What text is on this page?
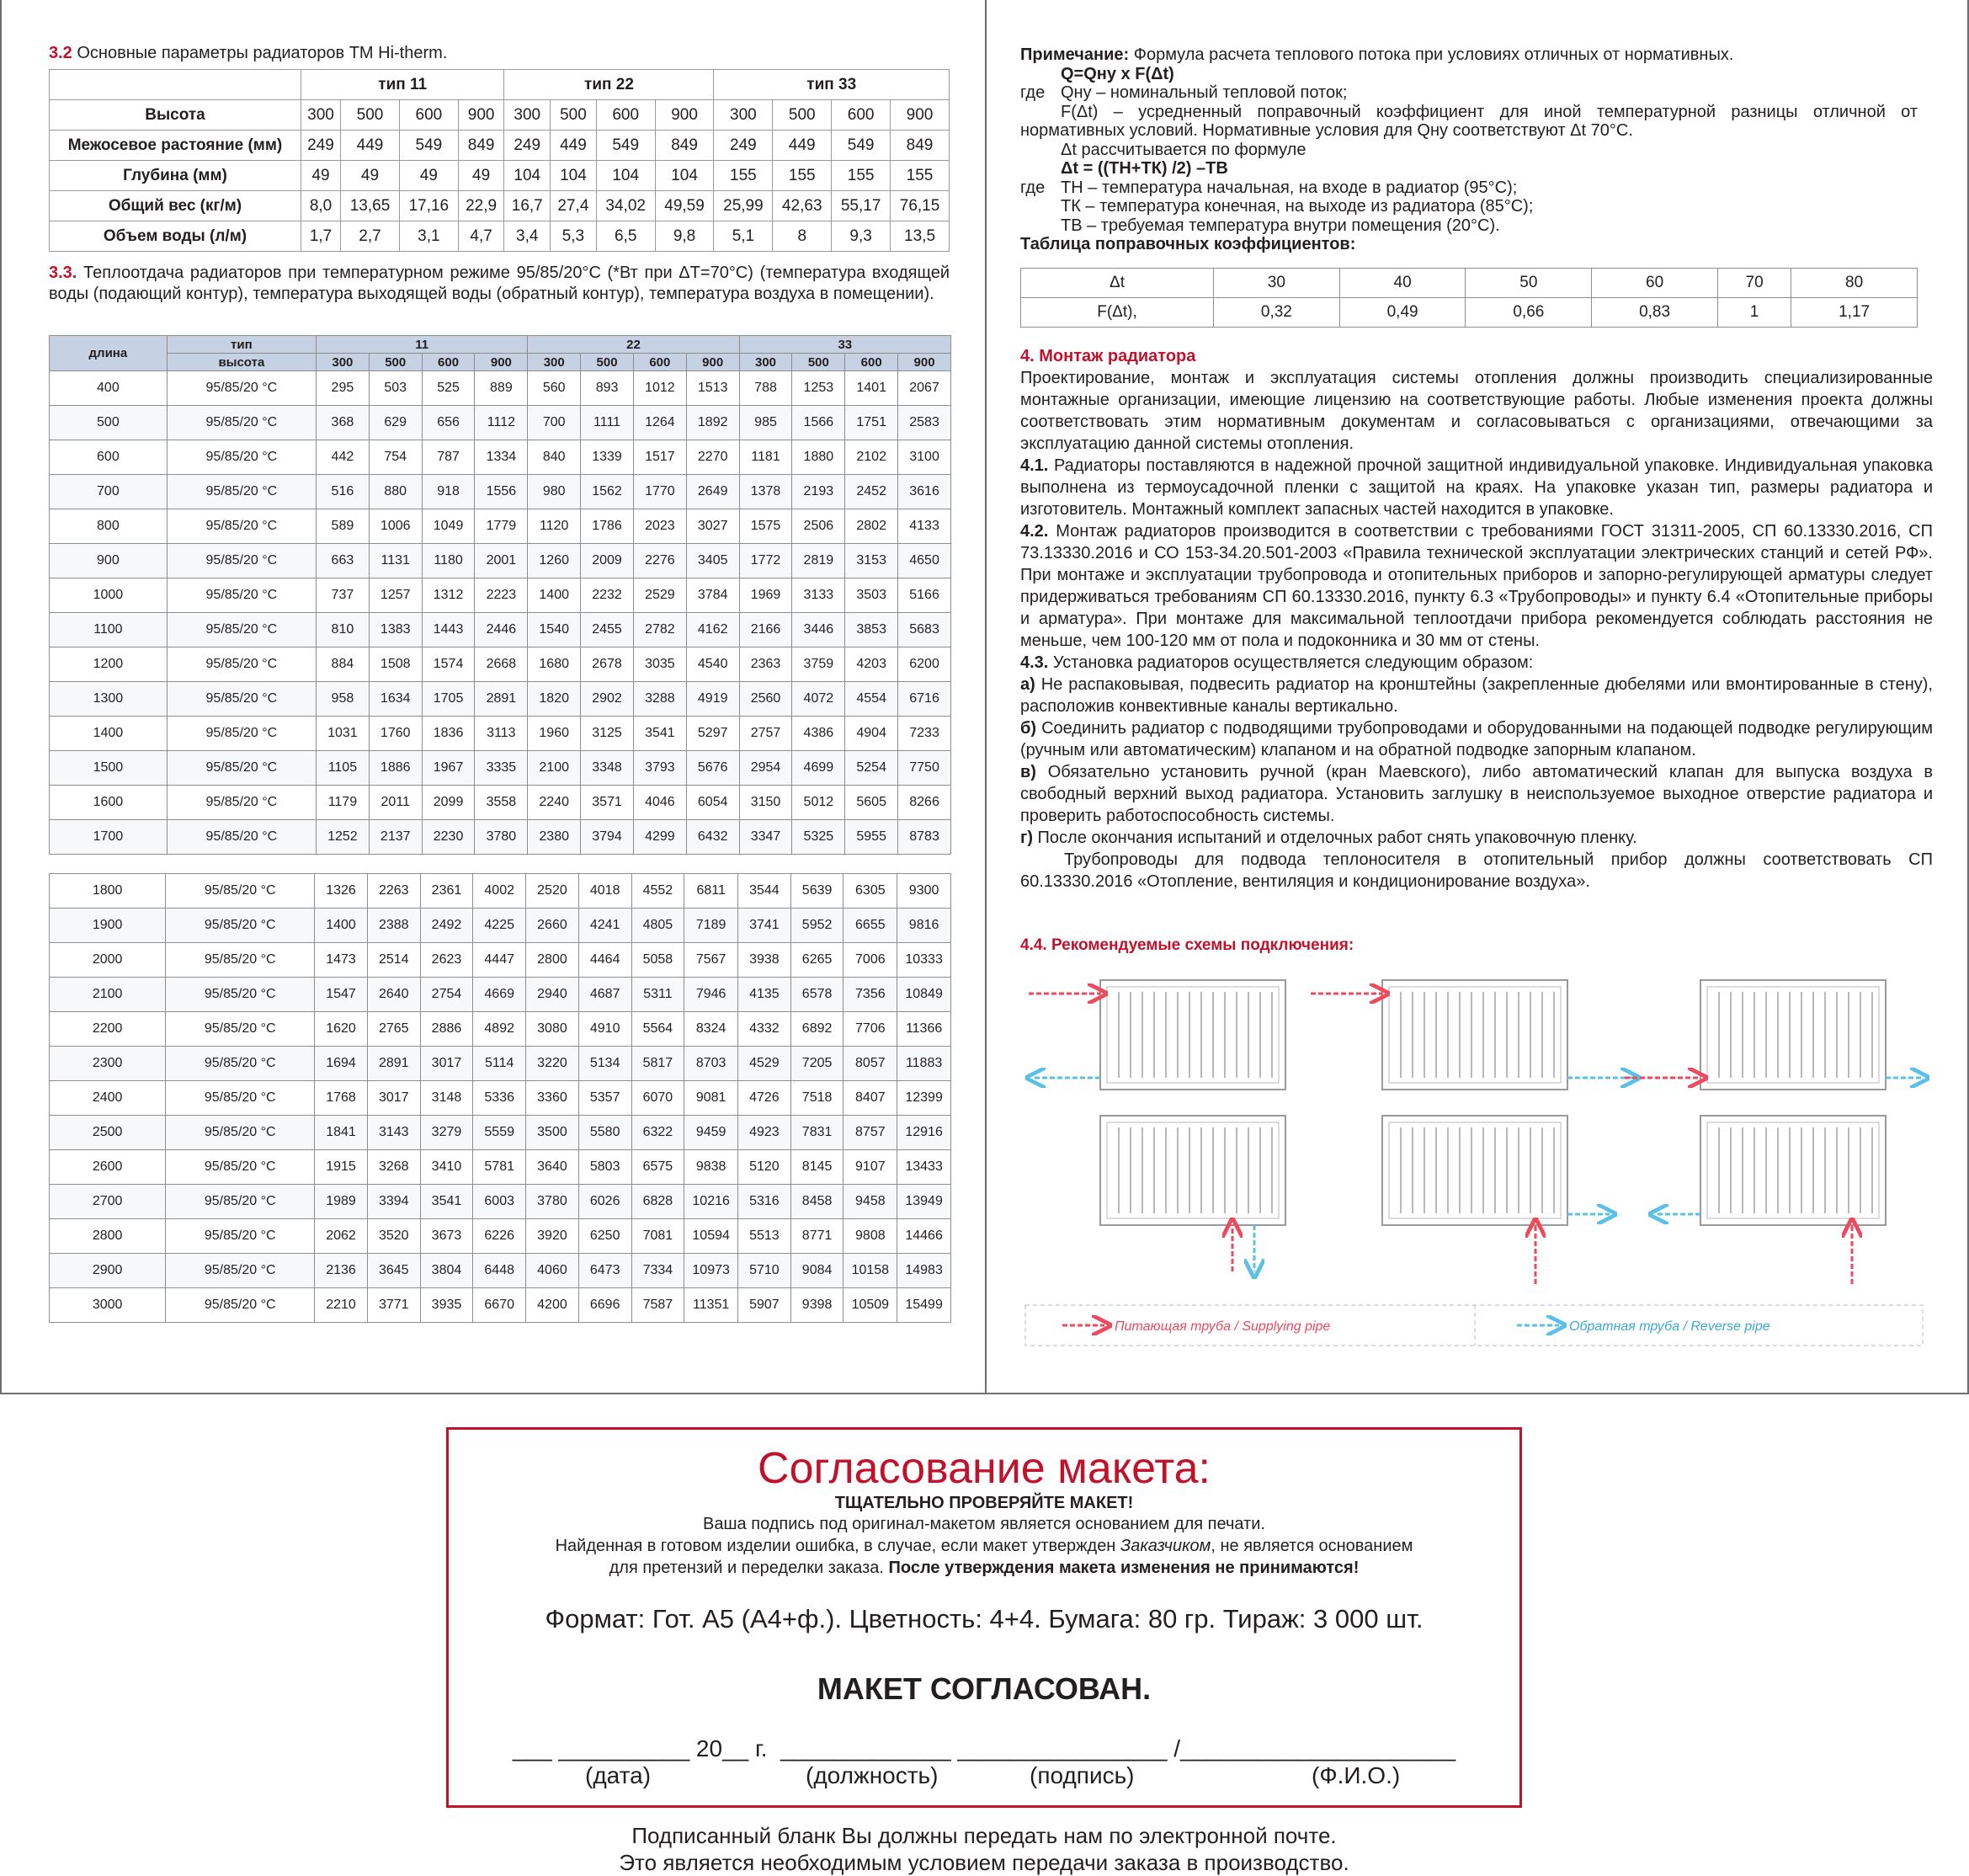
3.2 Основные параметры радиаторов ТМ Hi-therm.
	тип 11				тип 22				тип 33			
Высота	300	500	600	900	300	500	600	900	300	500	600	900
Межосевое растояние (мм)	249	449	549	849	249	449	549	849	249	449	549	849
Глубина (мм)	49	49	49	49	104	104	104	104	155	155	155	155
Общий вес (кг/м)	8,0	13,65	17,16	22,9	16,7	27,4	34,02	49,59	25,99	42,63	55,17	76,15
Объем воды (л/м)	1,7	2,7	3,1	4,7	3,4	5,3	6,5	9,8	5,1	8	9,3	13,5
3.3. Теплоотдача радиаторов при температурном режиме 95/85/20°С (*Вт при ΔT=70°C) (температура входящей воды (подающий контур), температура выходящей воды (обратный контур), температура воздуха в помещении).
длина	тип	11				22				33			
	высота	300	500	600	900	300	500	600	900	300	500	600	900
400	95/85/20 °С	295	503	525	889	560	893	1012	1513	788	1253	1401	2067
500	95/85/20 °С	368	629	656	1112	700	1111	1264	1892	985	1566	1751	2583
600	95/85/20 °С	442	754	787	1334	840	1339	1517	2270	1181	1880	2102	3100
700	95/85/20 °С	516	880	918	1556	980	1562	1770	2649	1378	2193	2452	3616
800	95/85/20 °С	589	1006	1049	1779	1120	1786	2023	3027	1575	2506	2802	4133
900	95/85/20 °С	663	1131	1180	2001	1260	2009	2276	3405	1772	2819	3153	4650
1000	95/85/20 °С	737	1257	1312	2223	1400	2232	2529	3784	1969	3133	3503	5166
1100	95/85/20 °С	810	1383	1443	2446	1540	2455	2782	4162	2166	3446	3853	5683
1200	95/85/20 °С	884	1508	1574	2668	1680	2678	3035	4540	2363	3759	4203	6200
1300	95/85/20 °С	958	1634	1705	2891	1820	2902	3288	4919	2560	4072	4554	6716
1400	95/85/20 °С	1031	1760	1836	3113	1960	3125	3541	5297	2757	4386	4904	7233
1500	95/85/20 °С	1105	1886	1967	3335	2100	3348	3793	5676	2954	4699	5254	7750
1600	95/85/20 °С	1179	2011	2099	3558	2240	3571	4046	6054	3150	5012	5605	8266
1700	95/85/20 °С	1252	2137	2230	3780	2380	3794	4299	6432	3347	5325	5955	8783
1800	95/85/20 °С	1326	2263	2361	4002	2520	4018	4552	6811	3544	5639	6305	9300
1900	95/85/20 °С	1400	2388	2492	4225	2660	4241	4805	7189	3741	5952	6655	9816
2000	95/85/20 °С	1473	2514	2623	4447	2800	4464	5058	7567	3938	6265	7006	10333
2100	95/85/20 °С	1547	2640	2754	4669	2940	4687	5311	7946	4135	6578	7356	10849
2200	95/85/20 °С	1620	2765	2886	4892	3080	4910	5564	8324	4332	6892	7706	11366
2300	95/85/20 °С	1694	2891	3017	5114	3220	5134	5817	8703	4529	7205	8057	11883
2400	95/85/20 °С	1768	3017	3148	5336	3360	5357	6070	9081	4726	7518	8407	12399
2500	95/85/20 °С	1841	3143	3279	5559	3500	5580	6322	9459	4923	7831	8757	12916
2600	95/85/20 °С	1915	3268	3410	5781	3640	5803	6575	9838	5120	8145	9107	13433
2700	95/85/20 °С	1989	3394	3541	6003	3780	6026	6828	10216	5316	8458	9458	13949
2800	95/85/20 °С	2062	3520	3673	6226	3920	6250	7081	10594	5513	8771	9808	14466
2900	95/85/20 °С	2136	3645	3804	6448	4060	6473	7334	10973	5710	9084	10158	14983
3000	95/85/20 °С	2210	3771	3935	6670	4200	6696	7587	11351	5907	9398	10509	15499
Примечание: Формула расчета теплового потока при условиях отличных от нормативных.
Q=Qну x F(Δt)
где Qну – номинальный тепловой поток;
F(Δt) – усредненный поправочный коэффициент для иной температурной разницы отличной от нормативных условий. Нормативные условия для Qну соответствуют Δt 70°С.
Δt рассчитывается по формуле
Δt = ((ТН+ТК) /2) –ТВ
где ТН – температура начальная, на входе в радиатор (95°С);
ТК – температура конечная, на выходе из радиатора (85°С);
ТВ – требуемая температура внутри помещения (20°С).
Таблица поправочных коэффициентов:
Δt	30	40	50	60	70	80
F(Δt),	0,32	0,49	0,66	0,83	1	1,17
4. Монтаж радиатора
Проектирование, монтаж и эксплуатация системы отопления должны производить специализированные монтажные организации, имеющие лицензию на соответствующие работы. Любые изменения проекта должны соответствовать этим нормативным документам и согласовываться с организациями, отвечающими за эксплуатацию данной системы отопления.
4.1. Радиаторы поставляются в надежной прочной защитной индивидуальной упаковке. Индивидуальная упаковка выполнена из термоусадочной пленки с защитой на краях. На упаковке указан тип, размеры радиатора и изготовитель. Монтажный комплект запасных частей находится в упаковке.
4.2. Монтаж радиаторов производится в соответствии с требованиями ГОСТ 31311-2005, СП 60.13330.2016, СП 73.13330.2016 и СО 153-34.20.501-2003 «Правила технической эксплуатации электрических станций и сетей РФ». При монтаже и эксплуатации трубопровода и отопительных приборов и запорно-регулирующей арматуры следует придерживаться требованиям СП 60.13330.2016, пункту 6.3 «Трубопроводы» и пункту 6.4 «Отопительные приборы и арматура». При монтаже для максимальной теплоотдачи прибора рекомендуется соблюдать расстояния не меньше, чем 100-120 мм от пола и подоконника и 30 мм от стены.
4.3. Установка радиаторов осуществляется следующим образом:
а) Не распаковывая, подвесить радиатор на кронштейны (закрепленные дюбелями или вмонтированные в стену), расположив конвективные каналы вертикально.
б) Соединить радиатор с подводящими трубопроводами и оборудованными на подающей подводке регулирующим (ручным или автоматическим) клапаном и на обратной подводке запорным клапаном.
в) Обязательно установить ручной (кран Маевского), либо автоматический клапан для выпуска воздуха в свободный верхний выход радиатора. Установить заглушку в неиспользуемое выходное отверстие радиатора и проверить работоспособность системы.
г) После окончания испытаний и отделочных работ снять упаковочную пленку.
Трубопроводы для подвода теплоносителя в отопительный прибор должны соответствовать СП 60.13330.2016 «Отопление, вентиляция и кондиционирование воздуха».
4.4. Рекомендуемые схемы подключения:
Питающая труба / Supplying pipe	Обратная труба / Reverse pipe
Согласование макета:
ТЩАТЕЛЬНО ПРОВЕРЯЙТЕ МАКЕТ!
Ваша подпись под оригинал-макетом является основанием для печати.
Найденная в готовом изделии ошибка, в случае, если макет утвержден Заказчиком, не является основанием
для претензий и переделки заказа. После утверждения макета изменения не принимаются!
Формат: Гот. А5 (А4+ф.). Цветность: 4+4. Бумага: 80 гр. Тираж: 3 000 шт.
МАКЕТ СОГЛАСОВАН.
___ __________ 20__ г.  _____________ ________________ /_____________________
(дата)	(должность)	(подпись)	(Ф.И.О.)
Подписанный бланк Вы должны передать нам по электронной почте.
Это является необходимым условием передачи заказа в производство.
